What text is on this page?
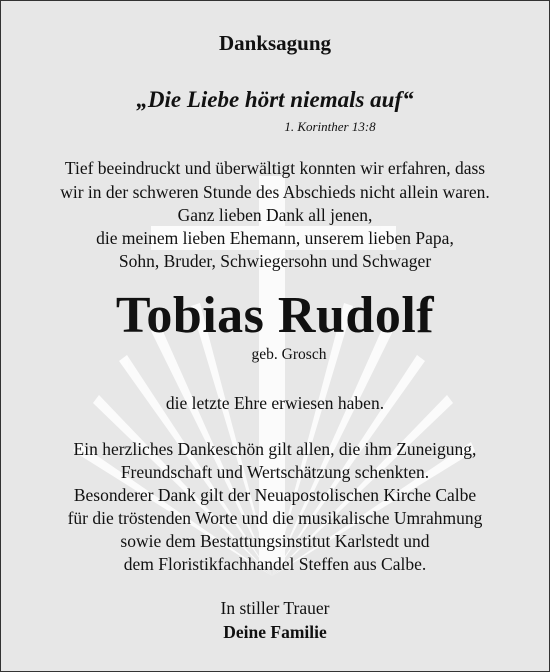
Danksagung
„Die Liebe hört niemals auf“
1. Korinther 13:8
Tief beeindruckt und überwältigt konnten wir erfahren, dass
wir in der schweren Stunde des Abschieds nicht allein waren.
Ganz lieben Dank all jenen,
die meinem lieben Ehemann, unserem lieben Papa,
Sohn, Bruder, Schwiegersohn und Schwager
Tobias Rudolf
geb. Grosch
die letzte Ehre erwiesen haben.
Ein herzliches Dankeschön gilt allen, die ihm Zuneigung,
Freundschaft und Wertschätzung schenkten.
Besonderer Dank gilt der Neuapostolischen Kirche Calbe
für die tröstenden Worte und die musikalische Umrahmung
sowie dem Bestattungsinstitut Karlstedt und
dem Floristikfachhandel Steffen aus Calbe.
In stiller Trauer
Deine Familie
